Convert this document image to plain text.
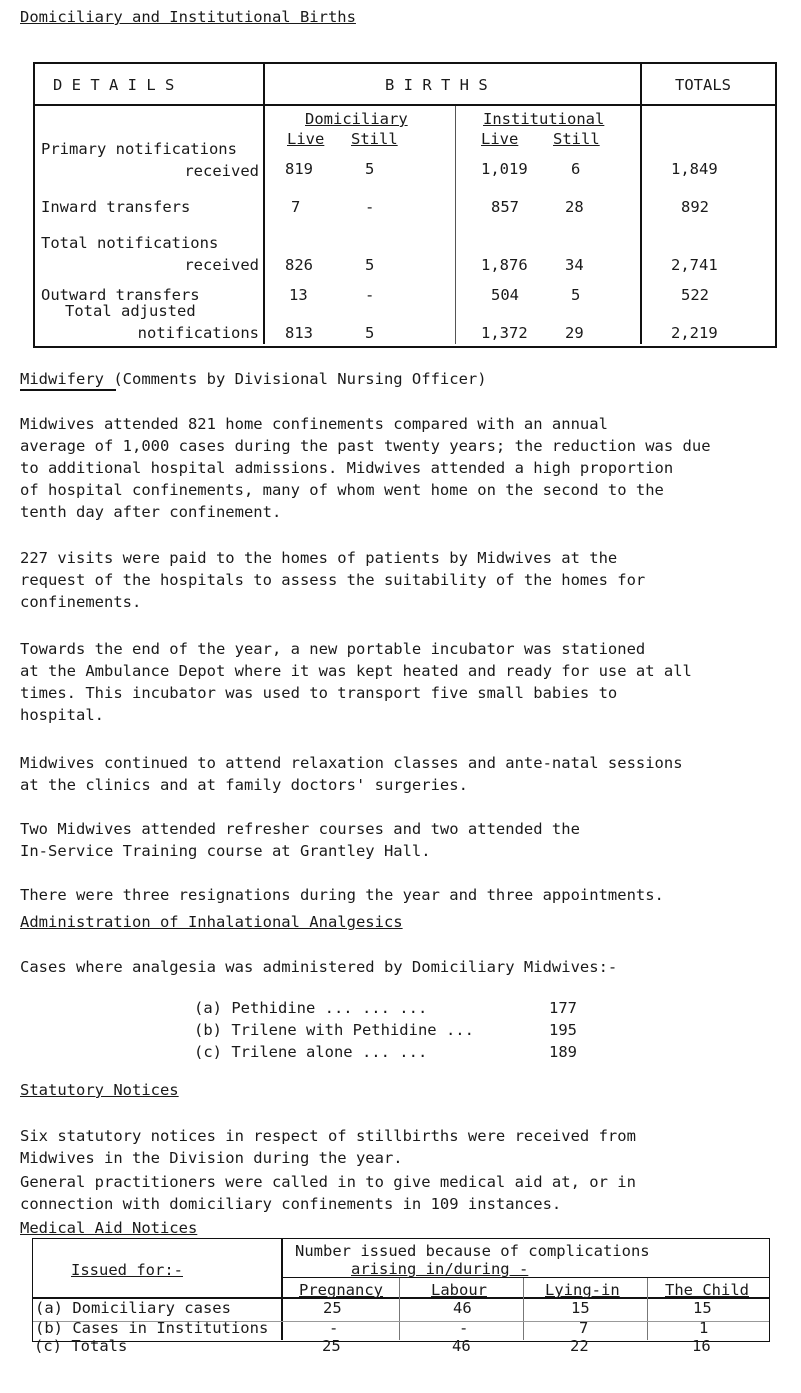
Domiciliary and Institutional Births
D E T A I L S	B I R T H S	TOTALS
Domiciliary	Institutional
Live Still	Live Still
Primary notifications
received 819	5	1,019	6	1,849
Inward transfers	7	-	857	28	892
Total notifications
received 826	5	1,876 34	2,741
Outward transfers	13	-	504	5	522
Total adjusted
notifications 813	5	1,372 29	2,219
Midwifery (Comments by Divisional Nursing Officer)
Midwives attended 821 home confinements compared with an annual
average of 1,000 cases during the past twenty years; the reduction was due
to additional hospital admissions. Midwives attended a high proportion
of hospital confinements, many of whom went home on the second to the
tenth day after confinement.
227 visits were paid to the homes of patients by Midwives at the
request of the hospitals to assess the suitability of the homes for
confinements.
Towards the end of the year, a new portable incubator was stationed
at the Ambulance Depot where it was kept heated and ready for use at all
times. This incubator was used to transport five small babies to
hospital.
Midwives continued to attend relaxation classes and ante-natal sessions
at the clinics and at family doctors' surgeries.
Two Midwives attended refresher courses and two attended the
In-Service Training course at Grantley Hall.
There were three resignations during the year and three appointments.
Administration of Inhalational Analgesics
Cases where analgesia was administered by Domiciliary Midwives:-
(a) Pethidine ... ... ...	177
(b) Trilene with Pethidine ...	195
(c) Trilene alone ... ...	189
Statutory Notices
Six statutory notices in respect of stillbirths were received from
Midwives in the Division during the year.
General practitioners were called in to give medical aid at, or in
connection with domiciliary confinements in 109 instances.
Medical Aid Notices
Issued for:-
Number issued because of complications
arising in/during -
Pregnancy	Labour	Lying-in	The Child
(a) Domiciliary cases	25	46	15	15
(b) Cases in Institutions	-	-	7	1
(c) Totals	25	46	22	16
